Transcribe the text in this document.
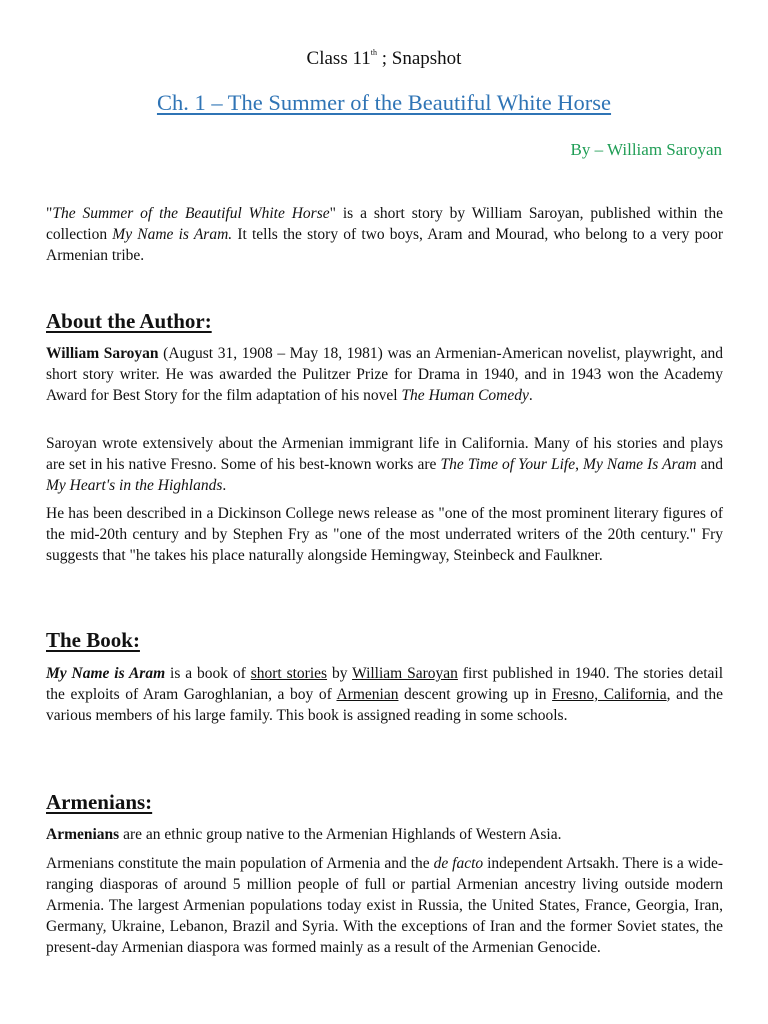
Class 11th ; Snapshot
Ch. 1 – The Summer of the Beautiful White Horse
By – William Saroyan
"The Summer of the Beautiful White Horse" is a short story by William Saroyan, published within the collection My Name is Aram. It tells the story of two boys, Aram and Mourad, who belong to a very poor Armenian tribe.
About the Author:
William Saroyan (August 31, 1908 – May 18, 1981) was an Armenian-American novelist, playwright, and short story writer. He was awarded the Pulitzer Prize for Drama in 1940, and in 1943 won the Academy Award for Best Story for the film adaptation of his novel The Human Comedy.
Saroyan wrote extensively about the Armenian immigrant life in California. Many of his stories and plays are set in his native Fresno. Some of his best-known works are The Time of Your Life, My Name Is Aram and My Heart's in the Highlands.
He has been described in a Dickinson College news release as "one of the most prominent literary figures of the mid-20th century and by Stephen Fry as "one of the most underrated writers of the 20th century." Fry suggests that "he takes his place naturally alongside Hemingway, Steinbeck and Faulkner.
The Book:
My Name is Aram is a book of short stories by William Saroyan first published in 1940. The stories detail the exploits of Aram Garoghlanian, a boy of Armenian descent growing up in Fresno, California, and the various members of his large family. This book is assigned reading in some schools.
Armenians:
Armenians are an ethnic group native to the Armenian Highlands of Western Asia.
Armenians constitute the main population of Armenia and the de facto independent Artsakh. There is a wide-ranging diasporas of around 5 million people of full or partial Armenian ancestry living outside modern Armenia. The largest Armenian populations today exist in Russia, the United States, France, Georgia, Iran, Germany, Ukraine, Lebanon, Brazil and Syria. With the exceptions of Iran and the former Soviet states, the present-day Armenian diaspora was formed mainly as a result of the Armenian Genocide.
